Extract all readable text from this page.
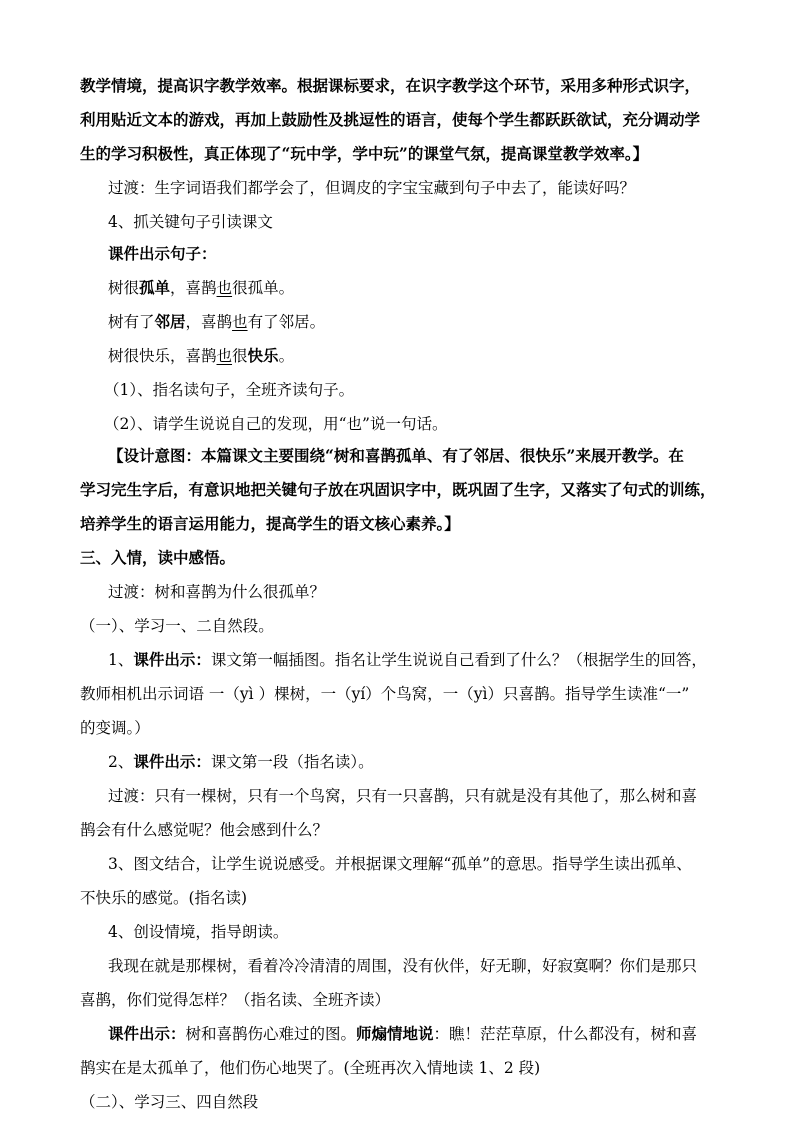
教学情境，提高识字教学效率。根据课标要求，在识字教学这个环节，采用多种形式识字，
利用贴近文本的游戏，再加上鼓励性及挑逗性的语言，使每个学生都跃跃欲试，充分调动学
生的学习积极性，真正体现了“玩中学，学中玩”的课堂气氛，提高课堂教学效率。】
过渡：生字词语我们都学会了，但调皮的字宝宝藏到句子中去了，能读好吗？
4、抓关键句子引读课文
课件出示句子：
树很孤单，喜鹊也很孤单。
树有了邻居，喜鹊也有了邻居。
树很快乐，喜鹊也很快乐。
（1）、指名读句子，全班齐读句子。
（2）、请学生说说自己的发现，用“也”说一句话。
【设计意图：本篇课文主要围绕“树和喜鹊孤单、有了邻居、很快乐”来展开教学。在
学习完生字后，有意识地把关键句子放在巩固识字中，既巩固了生字，又落实了句式的训练，
培养学生的语言运用能力，提高学生的语文核心素养。】
三、入情，读中感悟。
过渡：树和喜鹊为什么很孤单？
（一）、学习一、二自然段。
1、课件出示：课文第一幅插图。指名让学生说说自己看到了什么？（根据学生的回答，
教师相机出示词语 一（yì ）棵树，一（yí）个鸟窝，一（yì）只喜鹊。指导学生读准“一”
的变调。）
2、课件出示：课文第一段（指名读）。
过渡：只有一棵树，只有一个鸟窝，只有一只喜鹊，只有就是没有其他了，那么树和喜
鹊会有什么感觉呢？他会感到什么？
3、图文结合，让学生说说感受。并根据课文理解“孤单”的意思。指导学生读出孤单、
不快乐的感觉。(指名读)
4、创设情境，指导朗读。
我现在就是那棵树，看着冷冷清清的周围，没有伙伴，好无聊，好寂寞啊？你们是那只
喜鹊，你们觉得怎样？（指名读、全班齐读）
课件出示：树和喜鹊伤心难过的图。师煽情地说：瞧！茫茫草原，什么都没有，树和喜
鹊实在是太孤单了，他们伤心地哭了。(全班再次入情地读 1、2 段)
（二）、学习三、四自然段
